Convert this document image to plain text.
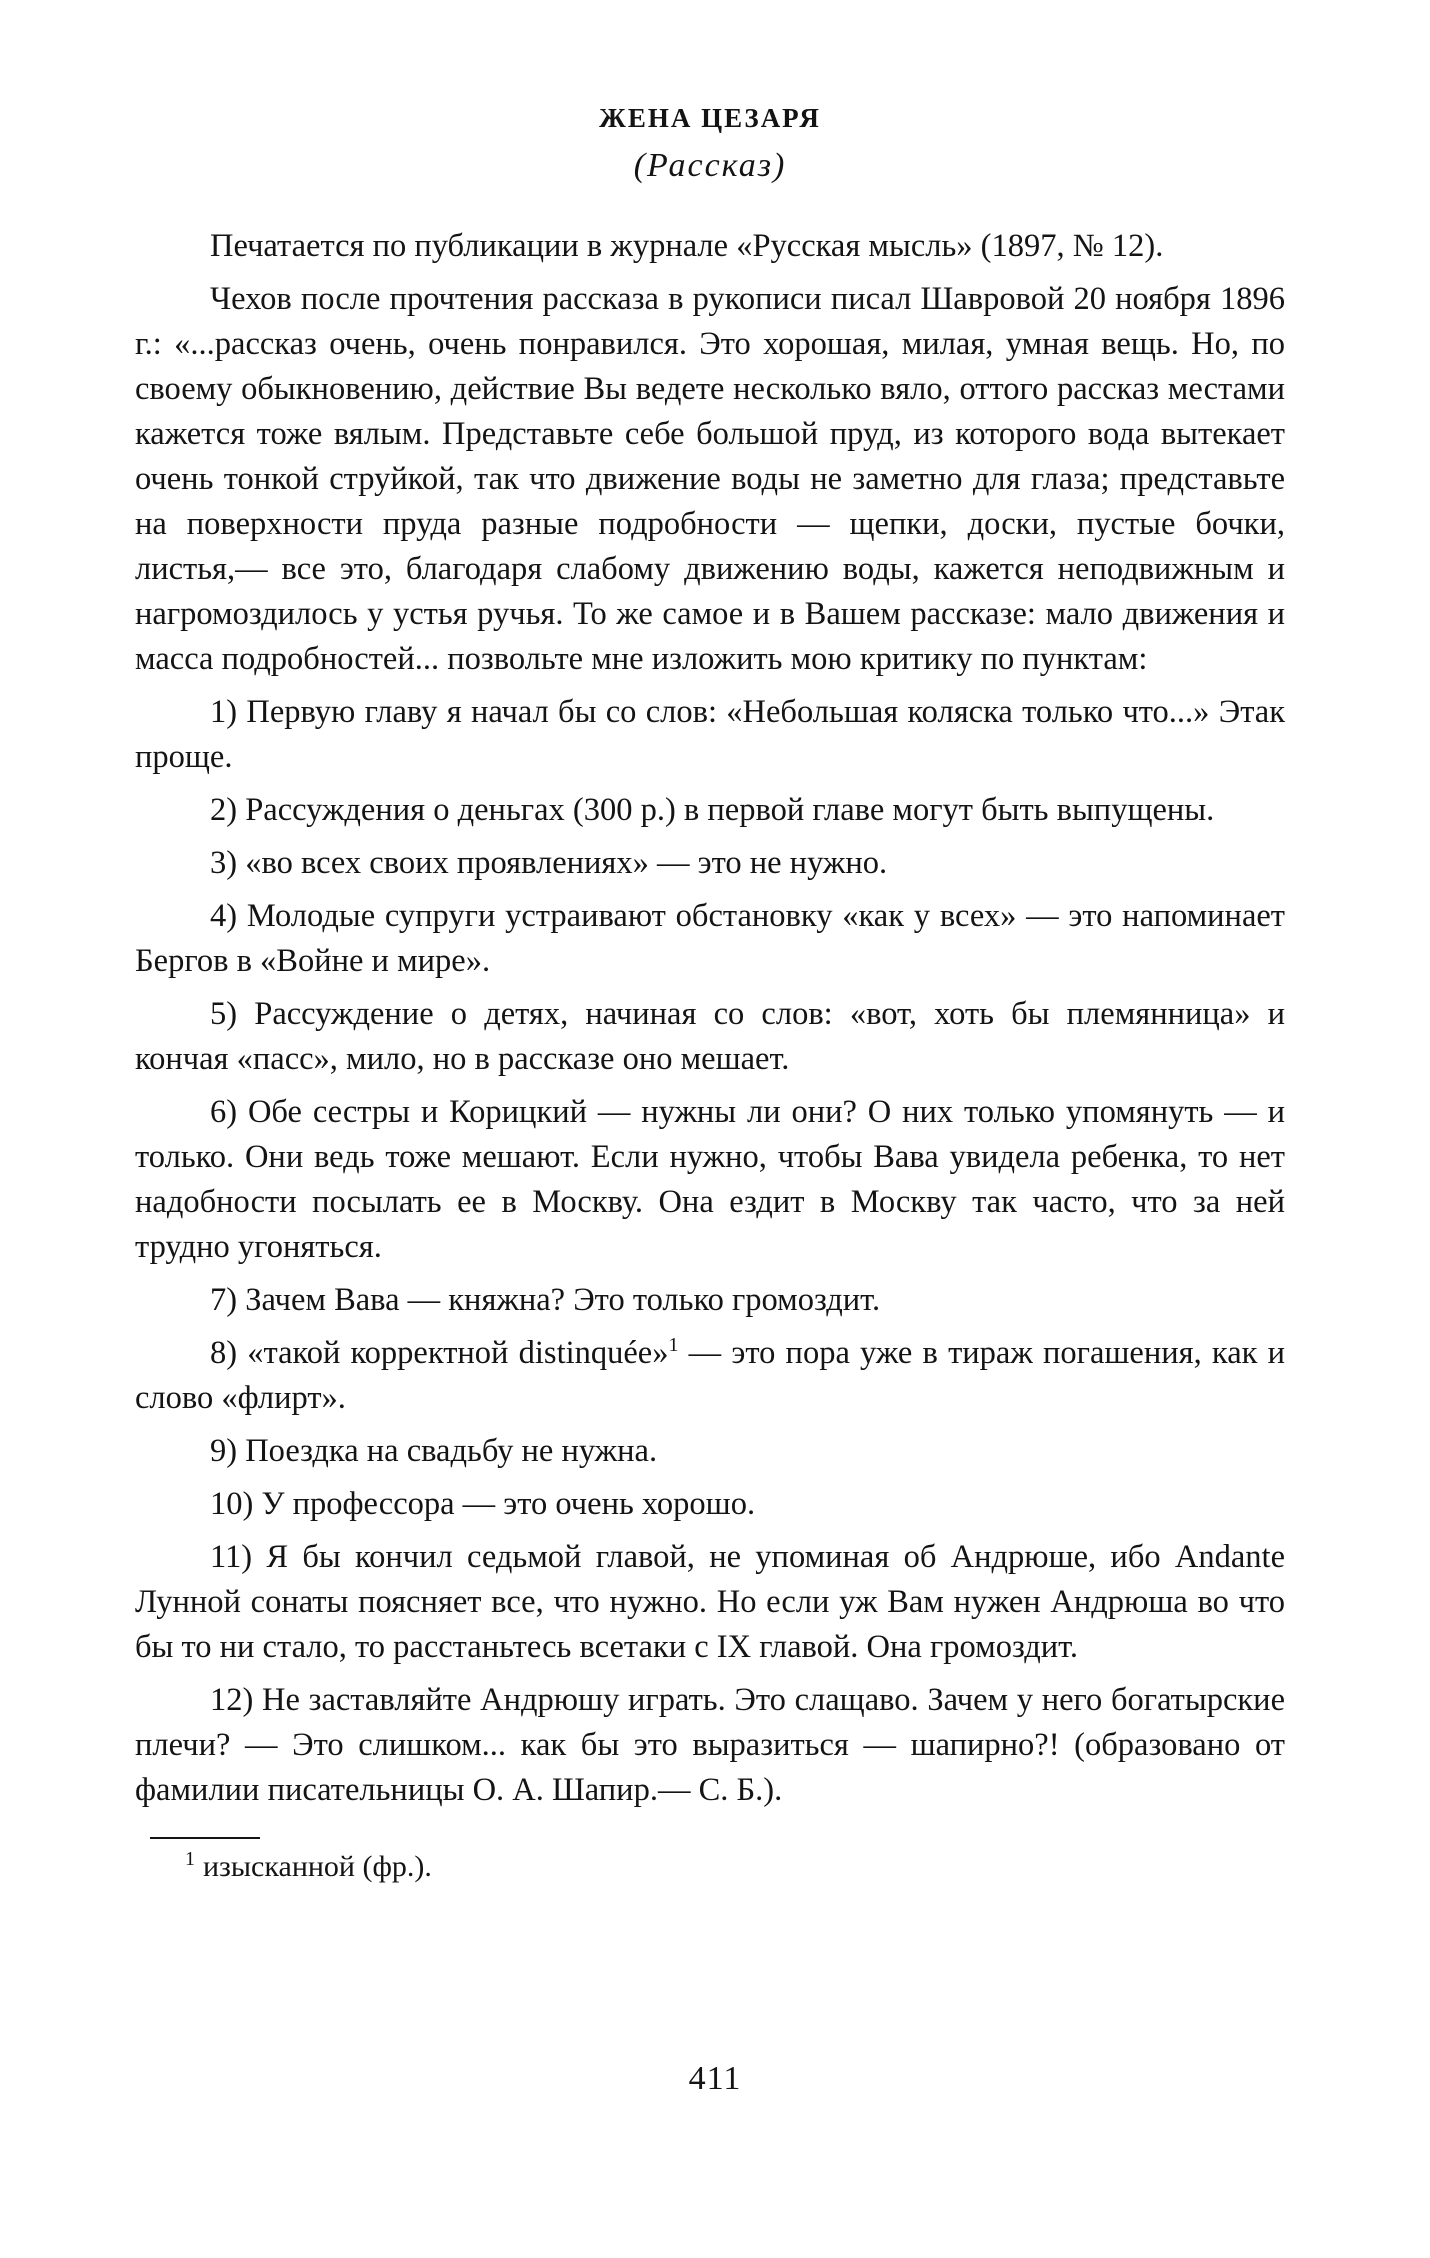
ЖЕНА ЦЕЗАРЯ
(Рассказ)

Печатается по публикации в журнале «Русская мысль» (1897, № 12).

Чехов после прочтения рассказа в рукописи писал Шавровой 20 ноября 1896 г.: «...рассказ очень, очень понравился. Это хорошая, милая, умная вещь. Но, по своему обыкновению, действие Вы ведете несколько вяло, оттого рассказ местами кажется тоже вялым. Представьте себе большой пруд, из которого вода вытекает очень тонкой струйкой, так что движение воды не заметно для глаза; представьте на поверхности пруда разные подробности — щепки, доски, пустые бочки, листья,— все это, благодаря слабому движению воды, кажется неподвижным и нагромоздилось у устья ручья. То же самое и в Вашем рассказе: мало движения и масса подробностей... позвольте мне изложить мою критику по пунктам:

1) Первую главу я начал бы со слов: «Небольшая коляска только что...» Этак проще.

2) Рассуждения о деньгах (300 р.) в первой главе могут быть выпущены.

3) «во всех своих проявлениях» — это не нужно.

4) Молодые супруги устраивают обстановку «как у всех» — это напоминает Бергов в «Войне и мире».

5) Рассуждение о детях, начиная со слов: «вот, хоть бы племянница» и кончая «пасс», мило, но в рассказе оно мешает.

6) Обе сестры и Корицкий — нужны ли они? О них только упомянуть — и только. Они ведь тоже мешают. Если нужно, чтобы Вава увидела ребенка, то нет надобности посылать ее в Москву. Она ездит в Москву так часто, что за ней трудно угоняться.

7) Зачем Вава — княжна? Это только громоздит.

8) «такой корректной distinquée»$^1$ — это пора уже в тираж погашения, как и слово «флирт».

9) Поездка на свадьбу не нужна.

10) У профессора — это очень хорошо.

11) Я бы кончил седьмой главой, не упоминая об Андрюше, ибо Andante Лунной сонаты поясняет все, что нужно. Но если уж Вам нужен Андрюша во что бы то ни стало, то расстаньтесь всетаки с IX главой. Она громоздит.

12) Не заставляйте Андрюшу играть. Это слащаво. Зачем у него богатырские плечи? — Это слишком... как бы это выразиться — шапирно?! (образовано от фамилии писательницы О. А. Шапир.— С. Б.).

$^1$ изысканной (фр.).
411
